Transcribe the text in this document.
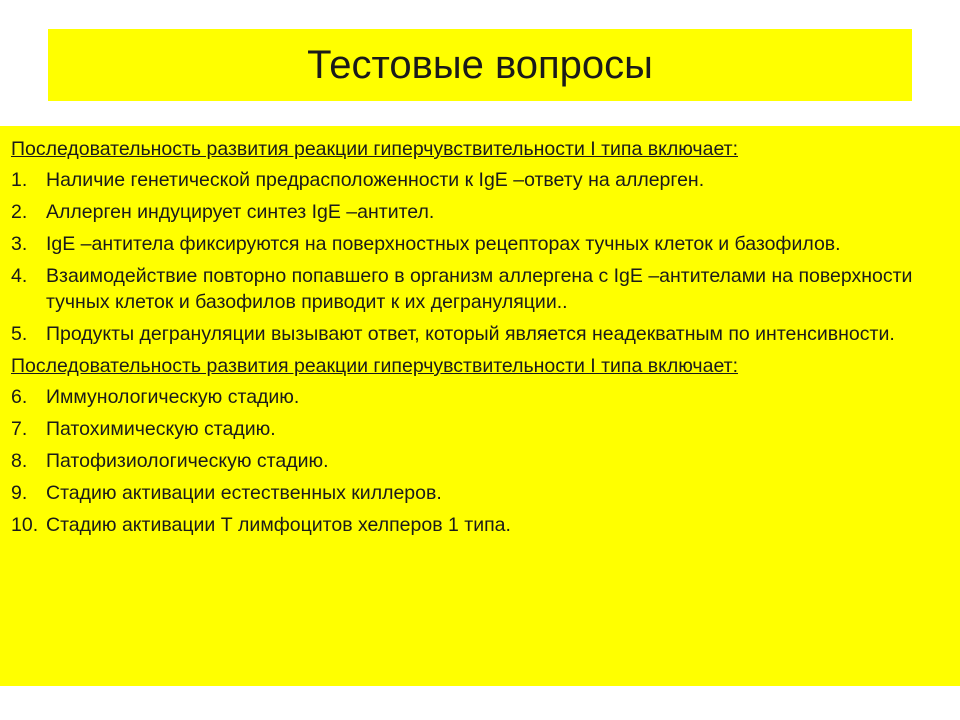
Тестовые вопросы
Последовательность развития реакции гиперчувствительности I типа включает:
1. Наличие генетической предрасположенности к IgE –ответу на аллерген.
2. Аллерген индуцирует синтез IgE –антител.
3. IgE –антитела фиксируются на поверхностных рецепторах тучных клеток и базофилов.
4. Взаимодействие повторно попавшего в организм аллергена с IgE –антителами на поверхности тучных клеток и базофилов приводит к их дегрануляции..
5. Продукты дегрануляции вызывают ответ, который является неадекватным по интенсивности.
Последовательность развития реакции гиперчувствительности I типа включает:
6. Иммунологическую стадию.
7. Патохимическую стадию.
8. Патофизиологическую стадию.
9. Стадию активации естественных киллеров.
10. Стадию активации Т лимфоцитов хелперов 1 типа.
